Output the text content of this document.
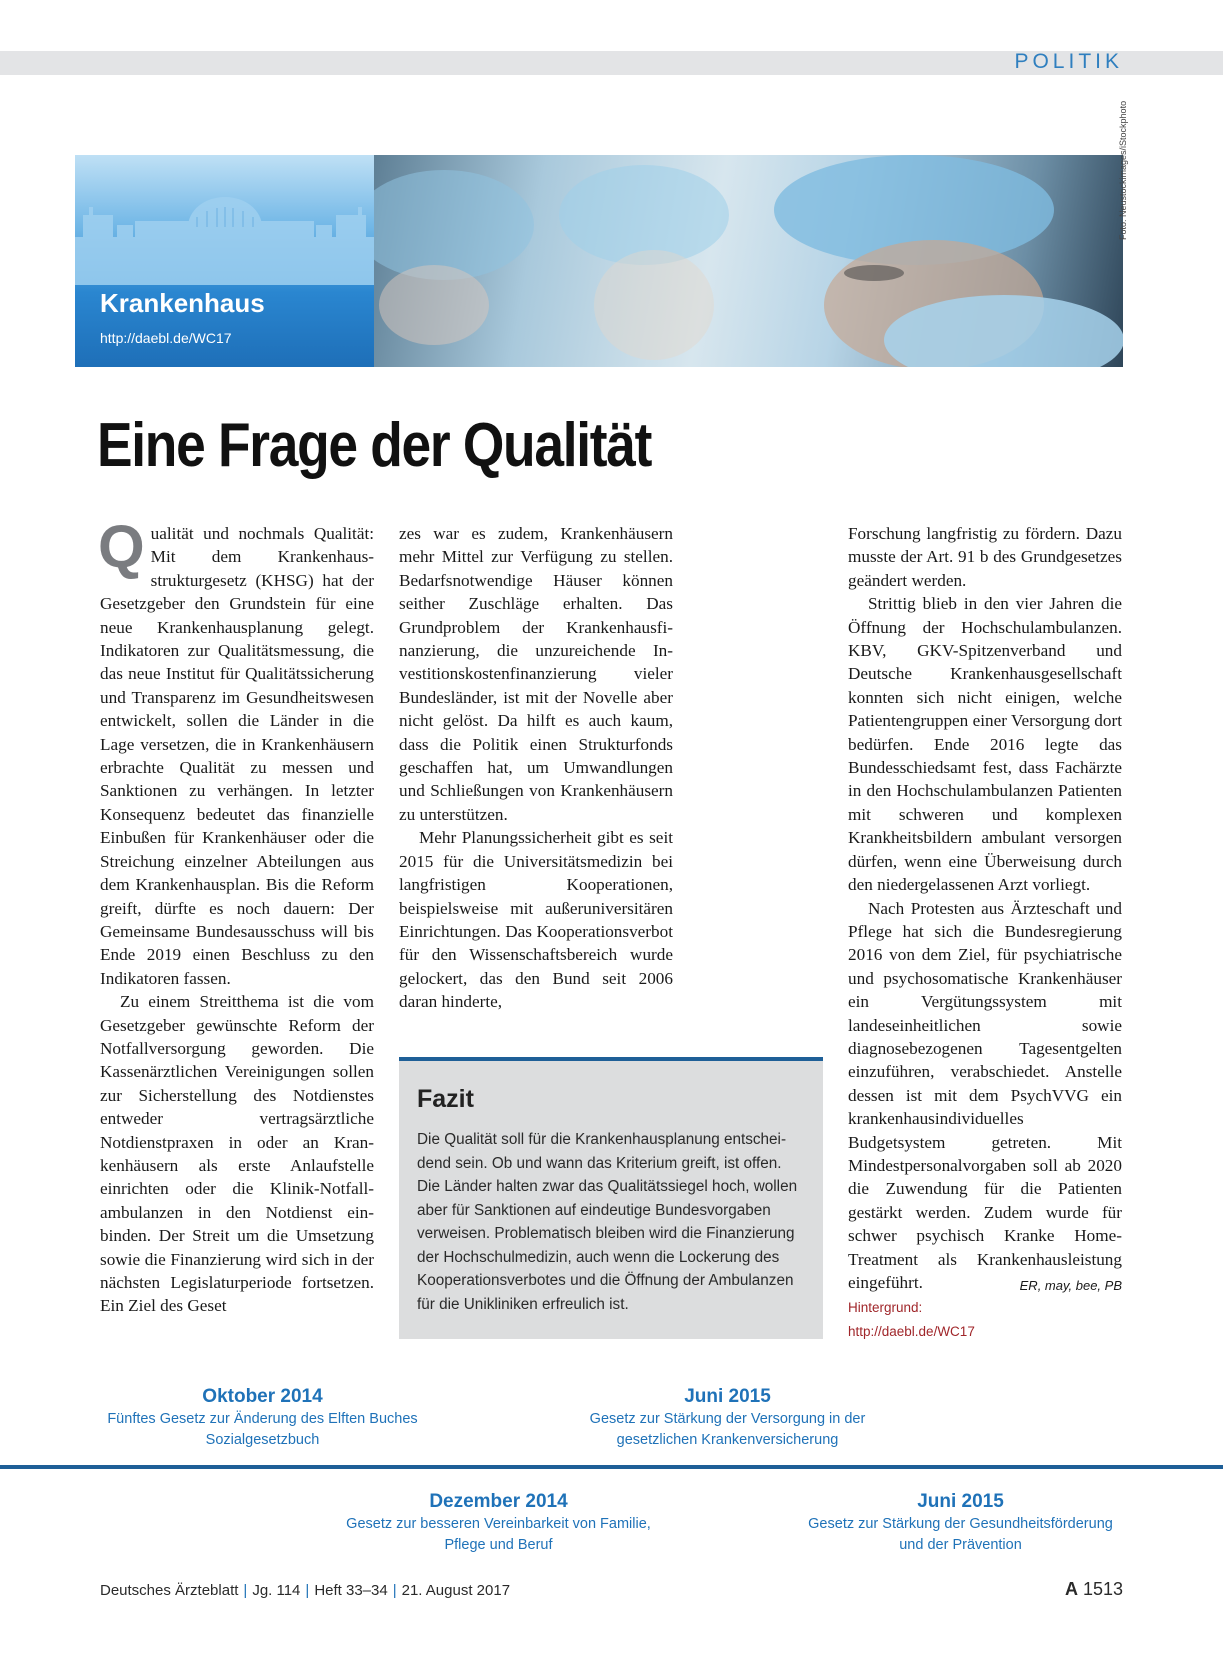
POLITIK
Krankenhaus
http://daebl.de/WC17
Foto: Neustockimages/iStockphoto
Eine Frage der Qualität

Qualität und nochmals Qualität: Mit dem Krankenhausstrukturgesetz (KHSG) hat der Gesetzgeber den Grundstein für eine neue Krankenhausplanung gelegt. Indikatoren zur Qualitätsmessung, die das neue Institut für Qualitätssicherung und Transparenz im Gesundheitswesen entwickelt, sollen die Länder in die Lage versetzen, die in Krankenhäusern erbrachte Qualität zu messen und Sanktionen zu verhängen. In letzter Konsequenz bedeutet das finanzielle Einbußen für Krankenhäuser oder die Streichung einzelner Abteilungen aus dem Krankenhausplan. Bis die Reform greift, dürfte es noch dauern: Der Gemeinsame Bundesausschuss will bis Ende 2019 einen Beschluss zu den Indikatoren fassen.

Zu einem Streitthema ist die vom Gesetzgeber gewünschte Reform der Notfallversorgung geworden. Die Kassenärztlichen Vereinigungen sollen zur Sicherstellung des Notdienstes entweder vertragsärztliche Notdienstpraxen in oder an Krankenhäusern als erste Anlaufstelle einrichten oder die Klinik-Notfallambulanzen in den Notdienst einbinden. Der Streit um die Umsetzung sowie die Finanzierung wird sich in der nächsten Legislaturperiode fortsetzen. Ein Ziel des Geset

zes war es zudem, Krankenhäusern mehr Mittel zur Verfügung zu stellen. Bedarfsnotwendige Häuser können seither Zuschläge erhalten. Das Grundproblem der Krankenhausfinanzierung, die unzureichende Investitionskostenfinanzierung vieler Bundesländer, ist mit der Novelle aber nicht gelöst. Da hilft es auch kaum, dass die Politik einen Strukturfonds geschaffen hat, um Umwandlungen und Schließungen von Krankenhäusern zu unterstützen.

Mehr Planungssicherheit gibt es seit 2015 für die Universitätsmedizin bei langfristigen Kooperationen, beispielsweise mit außeruniversitären Einrichtungen. Das Kooperationsverbot für den Wissenschaftsbereich wurde gelockert, das den Bund seit 2006 daran hinderte,

Forschung langfristig zu fördern. Dazu musste der Art. 91 b des Grundgesetzes geändert werden.

Strittig blieb in den vier Jahren die Öffnung der Hochschulambulanzen. KBV, GKV-Spitzenverband und Deutsche Krankenhausgesellschaft konnten sich nicht einigen, welche Patientengruppen einer Versorgung dort bedürfen. Ende 2016 legte das Bundesschiedsamt fest, dass Fachärzte in den Hochschulambulanzen Patienten mit schweren und komplexen Krankheitsbildern ambulant versorgen dürfen, wenn eine Überweisung durch den niedergelassenen Arzt vorliegt.

Nach Protesten aus Ärzteschaft und Pflege hat sich die Bundesregierung 2016 von dem Ziel, für psychiatrische und psychosomatische Krankenhäuser ein Vergütungssystem mit landeseinheitlichen sowie diagnosebezogenen Tagesentgelten einzuführen, verabschiedet. Anstelle dessen ist mit dem PsychVVG ein krankenhausindividuelles Budgetsystem getreten. Mit Mindestpersonalvorgaben soll ab 2020 die Zuwendung für die Patienten gestärkt werden. Zudem wurde für schwer psychisch Kranke Home-Treatment als Krankenhausleistung eingeführt.	ER, may, bee, PB

Hintergrund: http://daebl.de/WC17
Fazit
Die Qualität soll für die Krankenhausplanung entscheidend sein. Ob und wann das Kriterium greift, ist offen. Die Länder halten zwar das Qualitätssiegel hoch, wollen aber für Sanktionen auf eindeutige Bundesvorgaben verweisen. Problematisch bleiben wird die Finanzierung der Hochschulmedizin, auch wenn die Lockerung des Kooperationsverbotes und die Öffnung der Ambulanzen für die Unikliniken erfreulich ist.
Oktober 2014
Fünftes Gesetz zur Änderung des Elften Buches
Sozialgesetzbuch
Juni 2015
Gesetz zur Stärkung der Versorgung in der
gesetzlichen Krankenversicherung
Dezember 2014
Gesetz zur besseren Vereinbarkeit von Familie,
Pflege und Beruf
Juni 2015
Gesetz zur Stärkung der Gesundheitsförderung
und der Prävention
Deutsches Ärzteblatt | Jg. 114 | Heft 33–34 | 21. August 2017	A 1513
